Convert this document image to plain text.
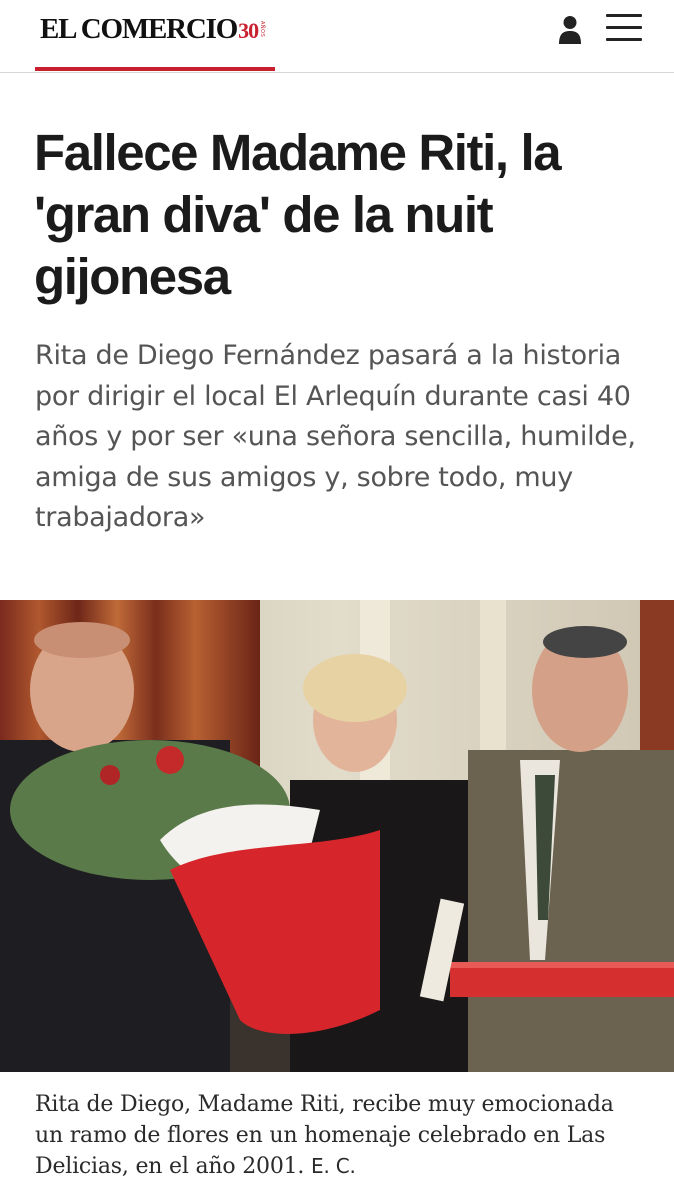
EL COMERCIO 30 AÑOS
Fallece Madame Riti, la 'gran diva' de la nuit gijonesa

Rita de Diego Fernández pasará a la historia por dirigir el local El Arlequín durante casi 40 años y por ser «una señora sencilla, humilde, amiga de sus amigos y, sobre todo, muy trabajadora»

Rita de Diego, Madame Riti, recibe muy emocionada un ramo de flores en un homenaje celebrado en Las Delicias, en el año 2001. E. C.
